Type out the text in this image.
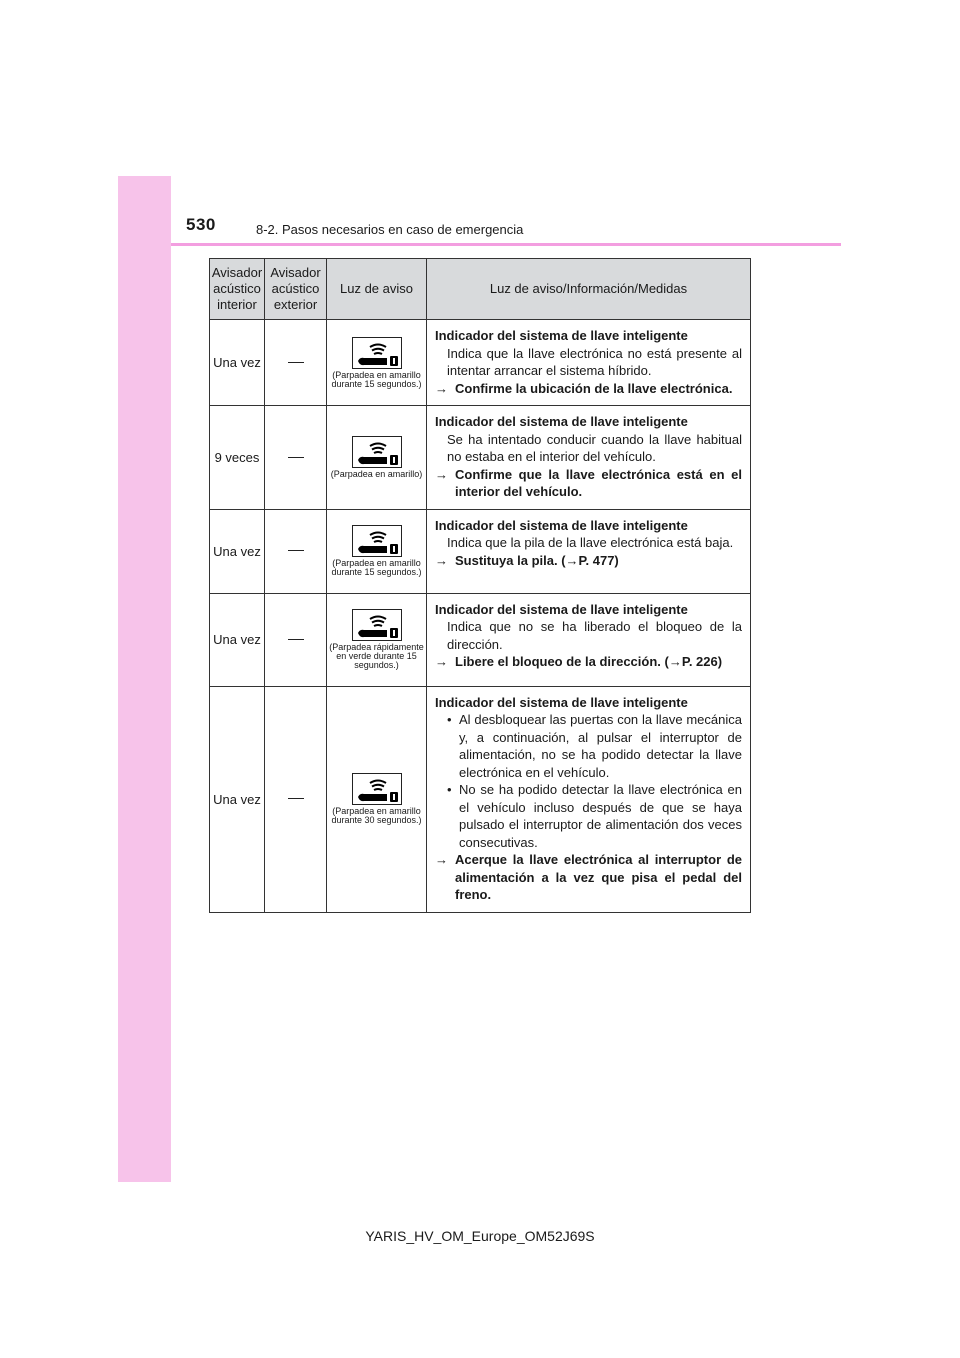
530	8-2. Pasos necesarios en caso de emergencia
Avisador acústico interior	Avisador acústico exterior	Luz de aviso	Luz de aviso/Información/Medidas
Una vez		(Parpadea en amarillo durante 15 segundos.)	Indicador del sistema de llave inteligente
Indica que la llave electrónica no está presente al intentar arrancar el sistema híbrido.
→ Confirme la ubicación de la llave electrónica.

9 veces		(Parpadea en amarillo)	Indicador del sistema de llave inteligente
Se ha intentado conducir cuando la llave habitual no estaba en el interior del vehículo.
→ Confirme que la llave electrónica está en el interior del vehículo.

Una vez		(Parpadea en amarillo durante 15 segundos.)	Indicador del sistema de llave inteligente
Indica que la pila de la llave electrónica está baja.
→ Sustituya la pila. (→P. 477)

Una vez		(Parpadea rápidamente en verde durante 15 segundos.)	Indicador del sistema de llave inteligente
Indica que no se ha liberado el bloqueo de la dirección.
→ Libere el bloqueo de la dirección. (→P. 226)

Una vez		(Parpadea en amarillo durante 30 segundos.)	Indicador del sistema de llave inteligente
• Al desbloquear las puertas con la llave mecánica y, a continuación, al pulsar el interruptor de alimentación, no se ha podido detectar la llave electrónica en el vehículo.
• No se ha podido detectar la llave electrónica en el vehículo incluso después de que se haya pulsado el interruptor de alimentación dos veces consecutivas.
→ Acerque la llave electrónica al interruptor de alimentación a la vez que pisa el pedal del freno.
YARIS_HV_OM_Europe_OM52J69S
